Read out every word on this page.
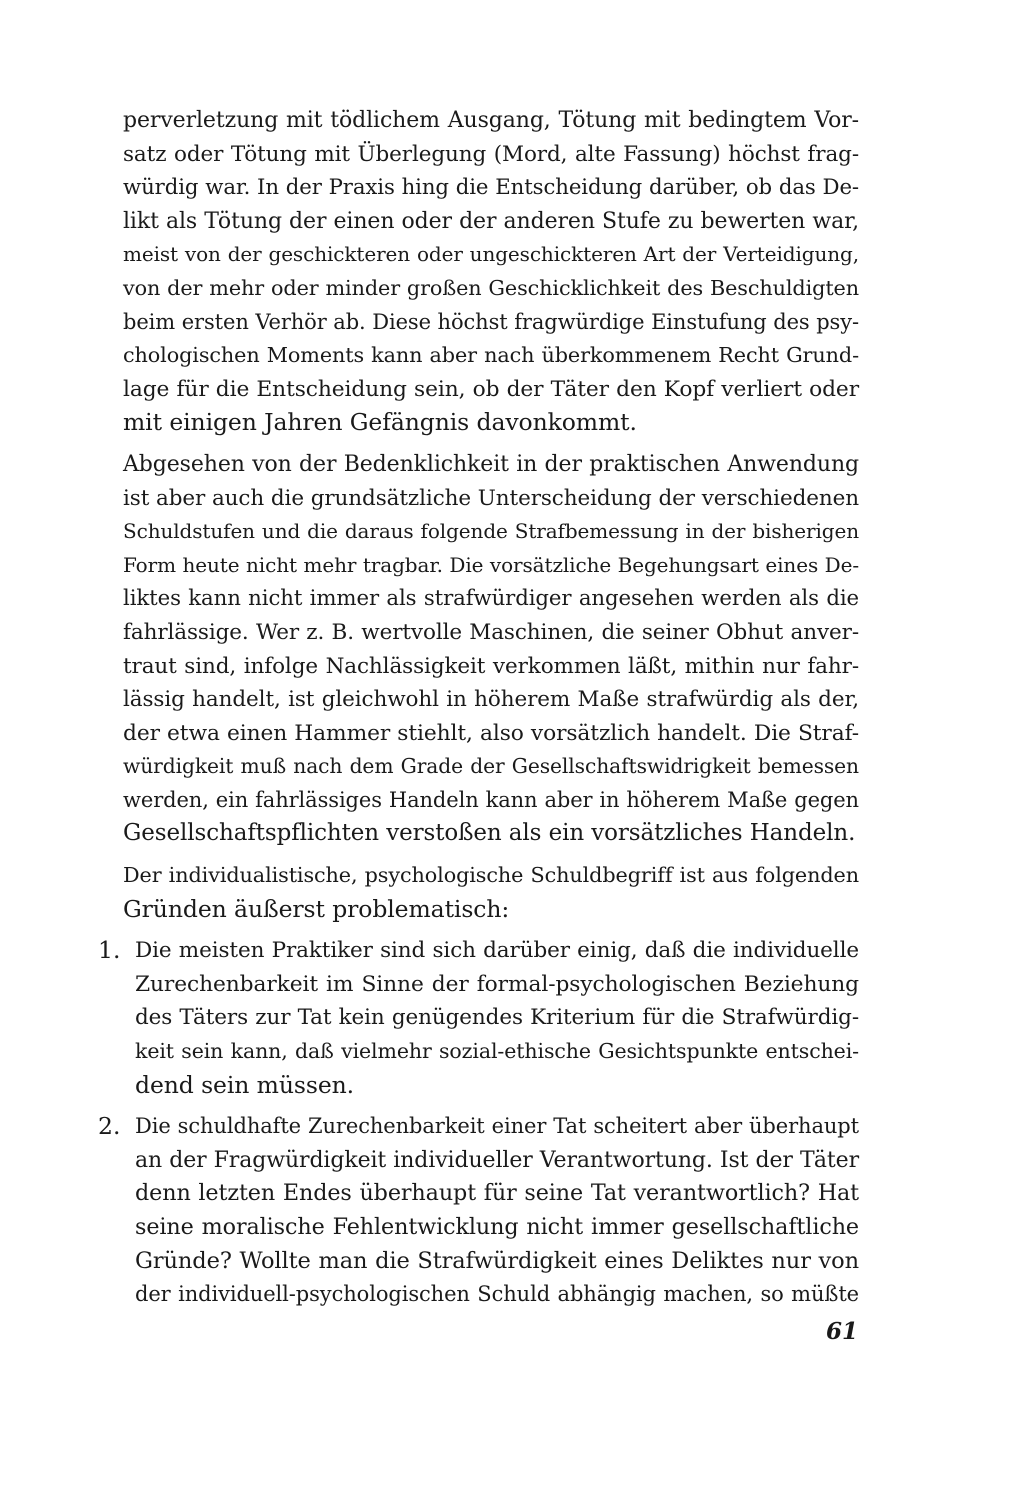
perverletzung mit tödlichem Ausgang, Tötung mit bedingtem Vor-
satz oder Tötung mit Überlegung (Mord, alte Fassung) höchst frag-
würdig war. In der Praxis hing die Entscheidung darüber, ob das De-
likt als Tötung der einen oder der anderen Stufe zu bewerten war,
meist von der geschickteren oder ungeschickteren Art der Verteidigung,
von der mehr oder minder großen Geschicklichkeit des Beschuldigten
beim ersten Verhör ab. Diese höchst fragwürdige Einstufung des psy-
chologischen Moments kann aber nach überkommenem Recht Grund-
lage für die Entscheidung sein, ob der Täter den Kopf verliert oder
mit einigen Jahren Gefängnis davonkommt.
Abgesehen von der Bedenklichkeit in der praktischen Anwendung
ist aber auch die grundsätzliche Unterscheidung der verschiedenen
Schuldstufen und die daraus folgende Strafbemessung in der bisherigen
Form heute nicht mehr tragbar. Die vorsätzliche Begehungsart eines De-
liktes kann nicht immer als strafwürdiger angesehen werden als die
fahrlässige. Wer z. B. wertvolle Maschinen, die seiner Obhut anver-
traut sind, infolge Nachlässigkeit verkommen läßt, mithin nur fahr-
lässig handelt, ist gleichwohl in höherem Maße strafwürdig als der,
der etwa einen Hammer stiehlt, also vorsätzlich handelt. Die Straf-
würdigkeit muß nach dem Grade der Gesellschaftswidrigkeit bemessen
werden, ein fahrlässiges Handeln kann aber in höherem Maße gegen
Gesellschaftspflichten verstoßen als ein vorsätzliches Handeln.
Der individualistische, psychologische Schuldbegriff ist aus folgenden
Gründen äußerst problematisch:
1. Die meisten Praktiker sind sich darüber einig, daß die individuelle
Zurechenbarkeit im Sinne der formal-psychologischen Beziehung
des Täters zur Tat kein genügendes Kriterium für die Strafwürdig-
keit sein kann, daß vielmehr sozial-ethische Gesichtspunkte entschei-
dend sein müssen.
2. Die schuldhafte Zurechenbarkeit einer Tat scheitert aber überhaupt
an der Fragwürdigkeit individueller Verantwortung. Ist der Täter
denn letzten Endes überhaupt für seine Tat verantwortlich? Hat
seine moralische Fehlentwicklung nicht immer gesellschaftliche
Gründe? Wollte man die Strafwürdigkeit eines Deliktes nur von
der individuell-psychologischen Schuld abhängig machen, so müßte
61
